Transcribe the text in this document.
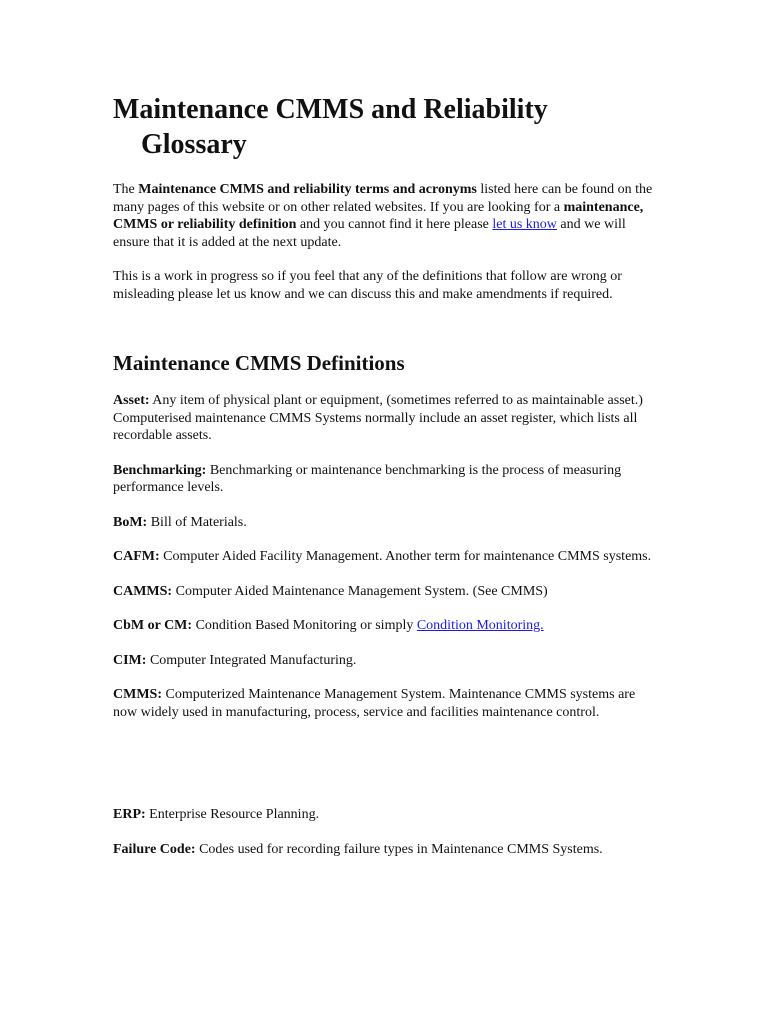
Maintenance CMMS and Reliability Glossary

The Maintenance CMMS and reliability terms and acronyms listed here can be found on the many pages of this website or on other related websites. If you are looking for a maintenance, CMMS or reliability definition and you cannot find it here please let us know and we will ensure that it is added at the next update.

This is a work in progress so if you feel that any of the definitions that follow are wrong or misleading please let us know and we can discuss this and make amendments if required.

Maintenance CMMS Definitions

Asset: Any item of physical plant or equipment, (sometimes referred to as maintainable asset.) Computerised maintenance CMMS Systems normally include an asset register, which lists all recordable assets.

Benchmarking: Benchmarking or maintenance benchmarking is the process of measuring performance levels.

BoM: Bill of Materials.

CAFM: Computer Aided Facility Management. Another term for maintenance CMMS systems.

CAMMS: Computer Aided Maintenance Management System. (See CMMS)

CbM or CM: Condition Based Monitoring or simply Condition Monitoring.

CIM: Computer Integrated Manufacturing.

CMMS: Computerized Maintenance Management System. Maintenance CMMS systems are now widely used in manufacturing, process, service and facilities maintenance control.

ERP: Enterprise Resource Planning.

Failure Code: Codes used for recording failure types in Maintenance CMMS Systems.
